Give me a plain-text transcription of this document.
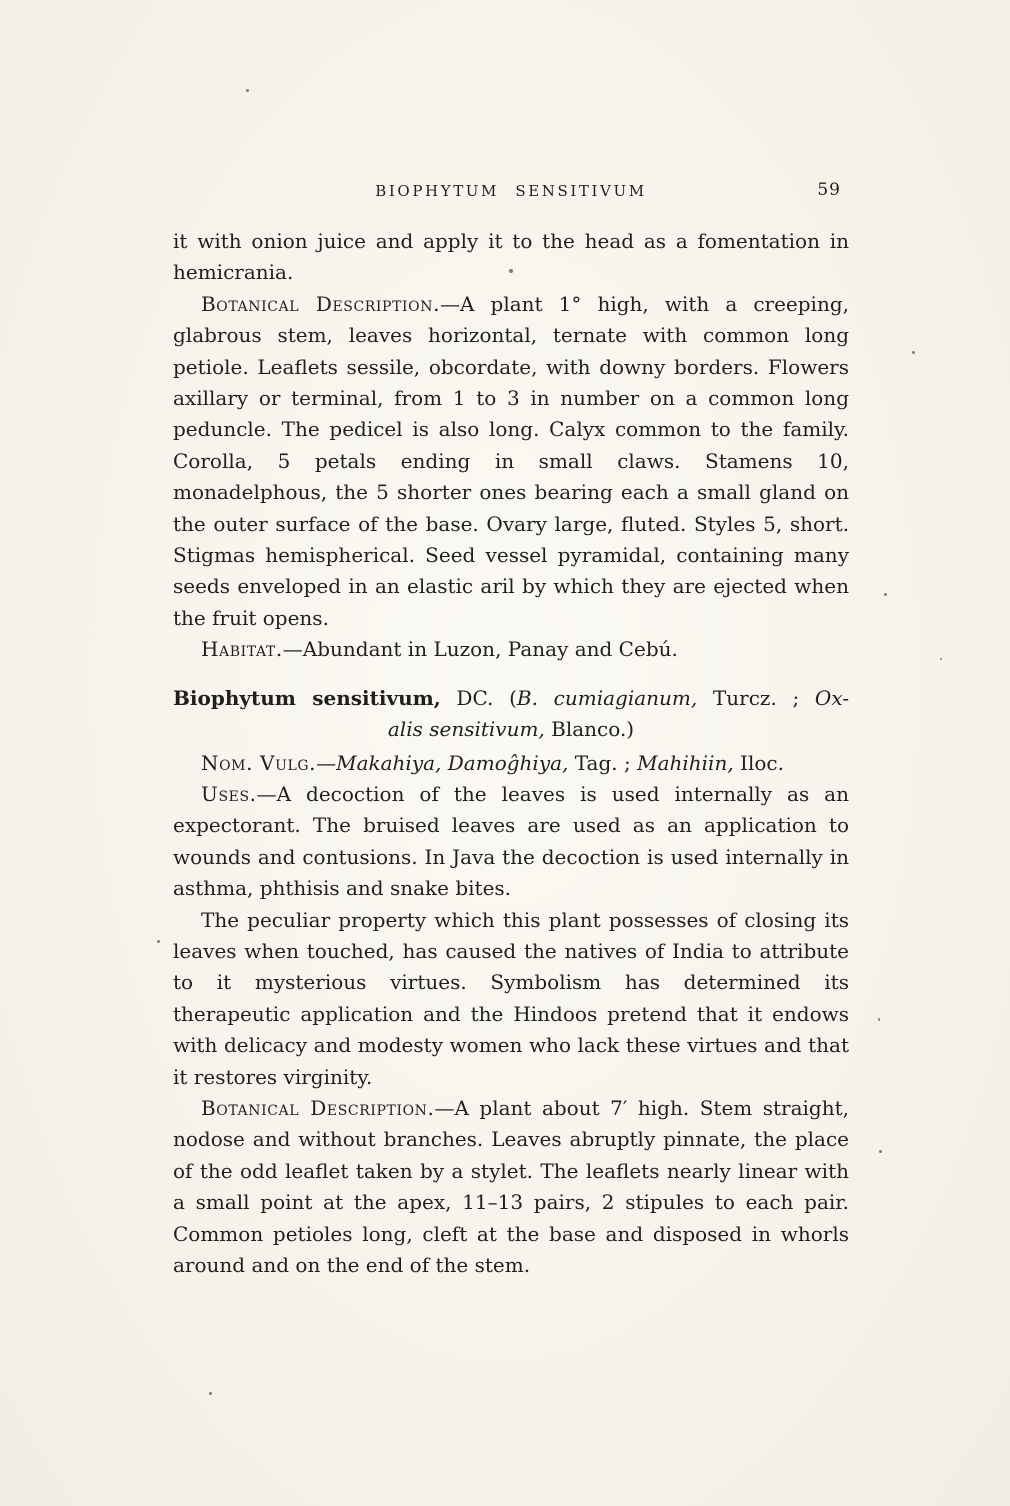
BIOPHYTUM SENSITIVUM	59

it with onion juice and apply it to the head as a fomentation in hemicrania.

Botanical Description.—A plant 1° high, with a creeping, glabrous stem, leaves horizontal, ternate with common long petiole. Leaflets sessile, obcordate, with downy borders. Flowers axillary or terminal, from 1 to 3 in number on a common long peduncle. The pedicel is also long. Calyx common to the family. Corolla, 5 petals ending in small claws. Stamens 10, monadelphous, the 5 shorter ones bearing each a small gland on the outer surface of the base. Ovary large, fluted. Styles 5, short. Stigmas hemispherical. Seed vessel pyramidal, containing many seeds enveloped in an elastic aril by which they are ejected when the fruit opens.

Habitat.—Abundant in Luzon, Panay and Cebú.

Biophytum sensitivum, DC. (B. cumiagianum, Turcz. ; Ox-
alis sensitivum, Blanco.)

Nom. Vulg.—Makahiya, Damoĝhiya, Tag. ; Mahihiin, Iloc.

Uses.—A decoction of the leaves is used internally as an expectorant. The bruised leaves are used as an application to wounds and contusions. In Java the decoction is used internally in asthma, phthisis and snake bites.

The peculiar property which this plant possesses of closing its leaves when touched, has caused the natives of India to attribute to it mysterious virtues. Symbolism has determined its therapeutic application and the Hindoos pretend that it endows with delicacy and modesty women who lack these virtues and that it restores virginity.

Botanical Description.—A plant about 7′ high. Stem straight, nodose and without branches. Leaves abruptly pinnate, the place of the odd leaflet taken by a stylet. The leaflets nearly linear with a small point at the apex, 11–13 pairs, 2 stipules to each pair. Common petioles long, cleft at the base and disposed in whorls around and on the end of the stem.
